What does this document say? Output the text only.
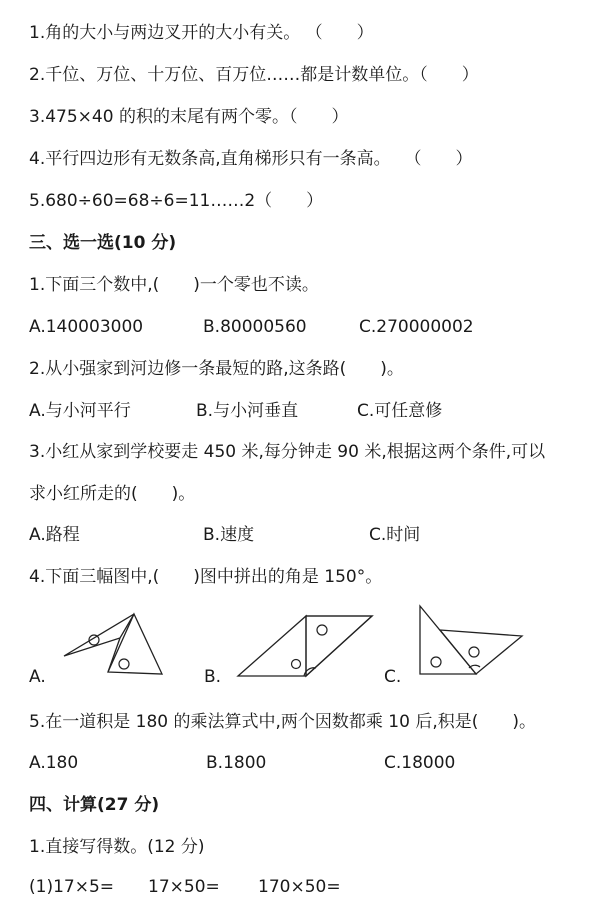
1.角的大小与两边叉开的大小有关。 （　　）
2.千位、万位、十万位、百万位……都是计数单位。（　　）
3.475×40 的积的末尾有两个零。（　　）
4.平行四边形有无数条高,直角梯形只有一条高。　 （　　）
5.680÷60=68÷6=11……2（　　）
三、选一选(10 分)
1.下面三个数中,(　　)一个零也不读。
A.140003000	B.80000560	C.270000002
2.从小强家到河边修一条最短的路,这条路(　　)。
A.与小河平行	B.与小河垂直	C.可任意修
3.小红从家到学校要走 450 米,每分钟走 90 米,根据这两个条件,可以
求小红所走的(　　)。
A.路程	B.速度	C.时间
4.下面三幅图中,(　　)图中拼出的角是 150°。
A.	B.	C.
5.在一道积是 180 的乘法算式中,两个因数都乘 10 后,积是(　　)。
A.180	B.1800	C.18000
四、计算(27 分)
1.直接写得数。(12 分)
(1)17×5= 17×50= 170×50=
